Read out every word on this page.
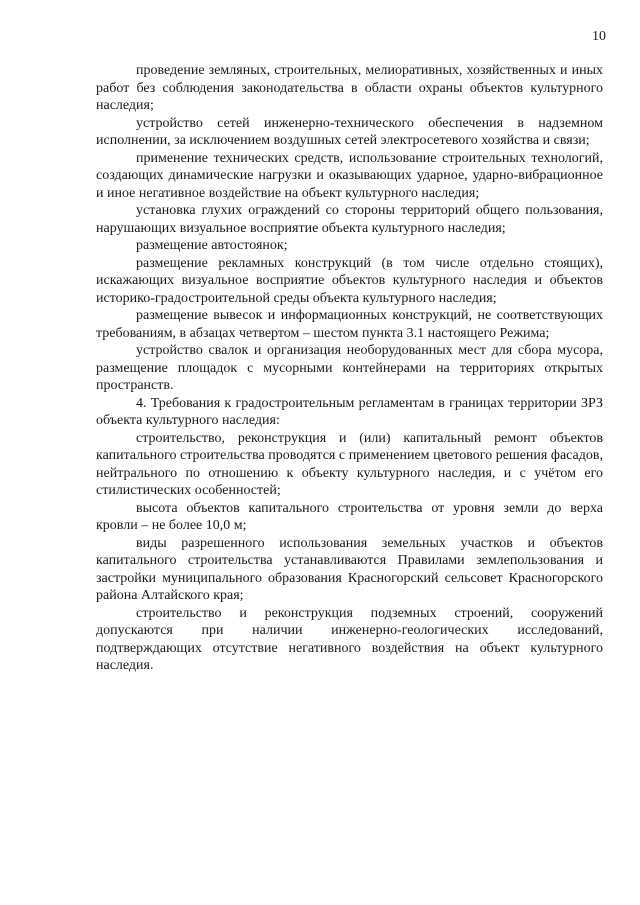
10

проведение земляных, строительных, мелиоративных, хозяйственных и иных работ без соблюдения законодательства в области охраны объектов культурного наследия;

устройство сетей инженерно-технического обеспечения в надземном исполнении, за исключением воздушных сетей электросетевого хозяйства и связи;

применение технических средств, использование строительных технологий, создающих динамические нагрузки и оказывающих ударное, ударно-вибрационное и иное негативное воздействие на объект культурного наследия;

установка глухих ограждений со стороны территорий общего пользования, нарушающих визуальное восприятие объекта культурного наследия;

размещение автостоянок;

размещение рекламных конструкций (в том числе отдельно стоящих), искажающих визуальное восприятие объектов культурного наследия и объектов историко-градостроительной среды объекта культурного наследия;

размещение вывесок и информационных конструкций, не соответствующих требованиям, в абзацах четвертом – шестом пункта 3.1 настоящего Режима;

устройство свалок и организация необорудованных мест для сбора мусора, размещение площадок с мусорными контейнерами на территориях открытых пространств.

4. Требования к градостроительным регламентам в границах территории ЗРЗ объекта культурного наследия:

строительство, реконструкция и (или) капитальный ремонт объектов капитального строительства проводятся с применением цветового решения фасадов, нейтрального по отношению к объекту культурного наследия, и с учётом его стилистических особенностей;

высота объектов капитального строительства от уровня земли до верха кровли – не более 10,0 м;

виды разрешенного использования земельных участков и объектов капитального строительства устанавливаются Правилами землепользования и застройки муниципального образования Красногорский сельсовет Красногорского района Алтайского края;

строительство и реконструкция подземных строений, сооружений допускаются при наличии инженерно-геологических исследований, подтверждающих отсутствие негативного воздействия на объект культурного наследия.
